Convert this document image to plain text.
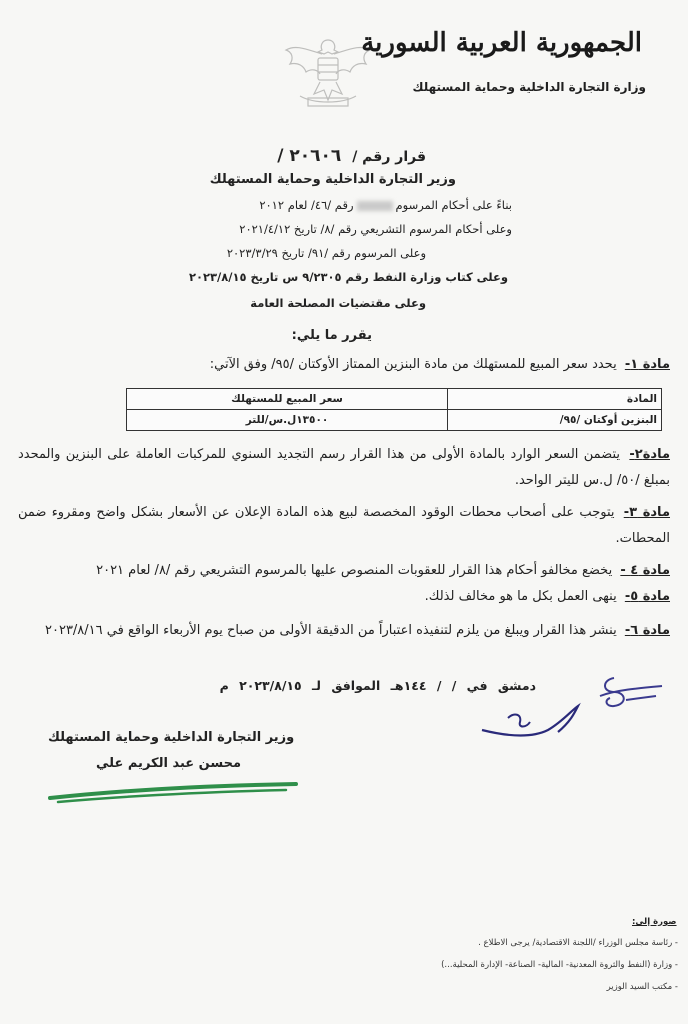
الجمهورية العربية السورية
وزارة التجارة الداخلية وحماية المستهلك
قرار رقم / ٢٠٦٠٦ /
وزير التجارة الداخلية وحماية المستهلك
بناءً على أحكام المرسومرقم /٤٦/ لعام ٢٠١٢
وعلى أحكام المرسوم التشريعي رقم /٨/ تاريخ ٢٠٢١/٤/١٢
وعلى المرسوم رقم /٩١/ تاريخ ٢٠٢٣/٣/٢٩
وعلى كتاب وزارة النفط رقم ٩/٢٣٠٥ س تاريخ ٢٠٢٣/٨/١٥
وعلى مقتضيات المصلحة العامة
يقرر ما يلي:
مادة ١- يحدد سعر المبيع للمستهلك من مادة البنزين الممتاز الأوكتان /٩٥/ وفق الآتي:
المادة	سعر المبيع للمستهلك
البنزين أوكتان /٩٥/	١٣٥٠٠ل.س/للتر
مادة٢- يتضمن السعر الوارد بالمادة الأولى من هذا القرار رسم التجديد السنوي للمركبات العاملة على البنزين والمحدد بمبلغ /٥٠/ ل.س لليتر الواحد.
مادة ٣- يتوجب على أصحاب محطات الوقود المخصصة لبيع هذه المادة الإعلان عن الأسعار بشكل واضح ومقروء ضمن المحطات.
مادة ٤ - يخضع مخالفو أحكام هذا القرار للعقوبات المنصوص عليها بالمرسوم التشريعي رقم /٨/ لعام ٢٠٢١
مادة ٥- ينهى العمل بكل ما هو مخالف لذلك.
مادة ٦- ينشر هذا القرار ويبلغ من يلزم لتنفيذه اعتباراً من الدقيقة الأولى من صباح يوم الأربعاء الواقع في ٢٠٢٣/٨/١٦
دمشق في / / ١٤٤هـ الموافق لـ ٢٠٢٣/٨/١٥ م
وزير التجارة الداخلية وحماية المستهلك
محسن عبد الكريم علي
صورة إلى:
- رئاسة مجلس الوزراء /اللجنة الاقتصادية/ يرجى الاطلاع .
- وزارة (النفط والثروة المعدنية- المالية- الصناعة- الإدارة المحلية...)
- مكتب السيد الوزير
